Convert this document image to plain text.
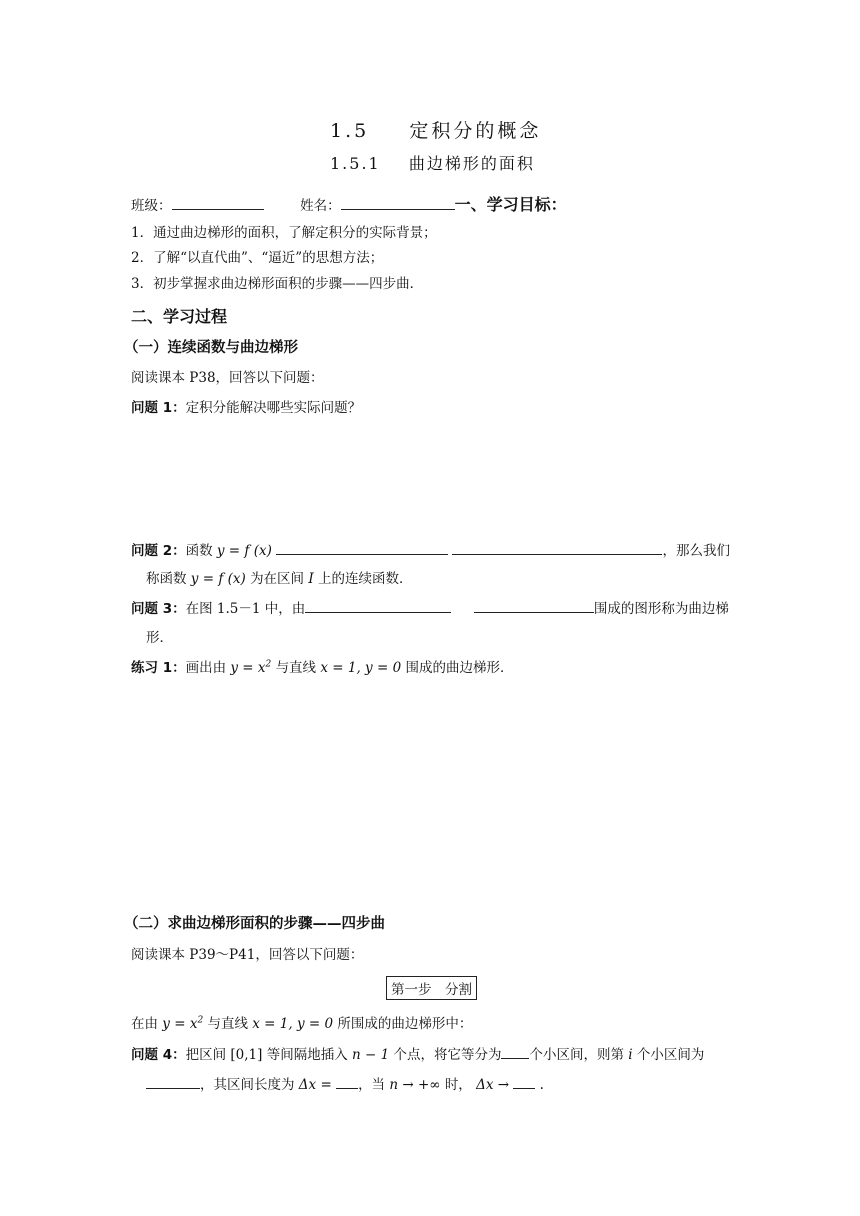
1.5 定积分的概念
1.5.1 曲边梯形的面积
班级：	姓名：	一、学习目标：
1．通过曲边梯形的面积，了解定积分的实际背景；
2．了解“以直代曲”、“逼近”的思想方法；
3．初步掌握求曲边梯形面积的步骤——四步曲．
二、学习过程
（一）连续函数与曲边梯形
阅读课本 P38，回答以下问题：
问题 1：定积分能解决哪些实际问题？
问题 2：函数 y = f (x)	，那么我们
称函数 y = f (x) 为在区间 I 上的连续函数．
问题 3：在图 1.5－1 中，由	围成的图形称为曲边梯
形．
练习 1：画出由 $y = x^2$ 与直线 x = 1, y = 0 围成的曲边梯形．
（二）求曲边梯形面积的步骤——四步曲
阅读课本 P39～P41，回答以下问题：
第一步　分割
在由 $y = x^2$ 与直线 x = 1, y = 0 所围成的曲边梯形中：
问题 4：把区间 [0,1] 等间隔地插入 n − 1 个点，将它等分为 个小区间，则第 i 个小区间为
，其区间长度为 Δx = ，当 n → +∞ 时， Δx → .
